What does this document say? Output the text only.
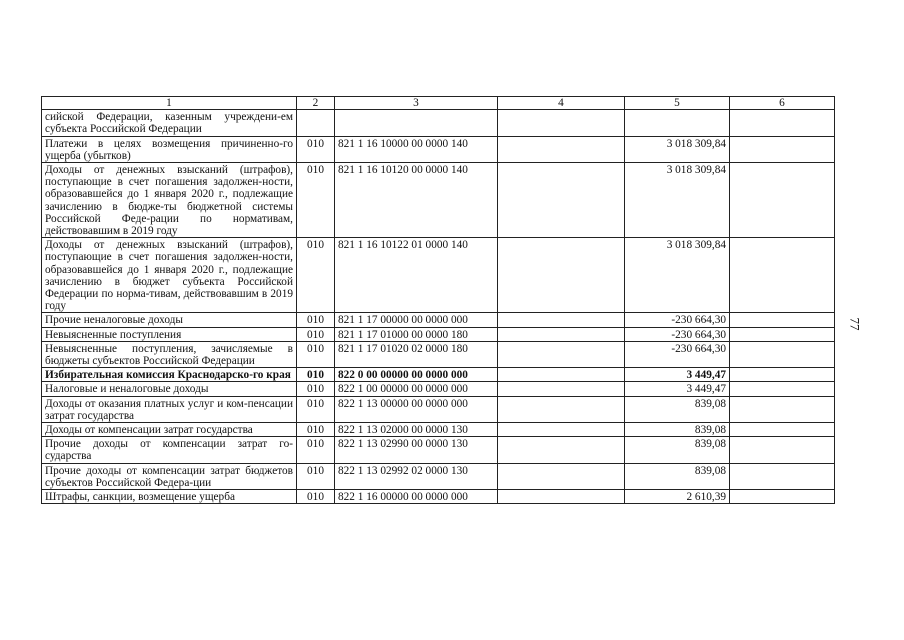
1	2	3	4	5	6
сийской Федерации, казенным учреждени-ем субъекта Российской Федерации					
Платежи в целях возмещения причиненно-го ущерба (убытков)	010	821 1 16 10000 00 0000 140		3 018 309,84	
Доходы от денежных взысканий (штрафов), поступающие в счет погашения задолжен-ности, образовавшейся до 1 января 2020 г., подлежащие зачислению в бюдже-ты бюджетной системы Российской Феде-рации по нормативам, действовавшим в 2019 году	010	821 1 16 10120 00 0000 140		3 018 309,84	
Доходы от денежных взысканий (штрафов), поступающие в счет погашения задолжен-ности, образовавшейся до 1 января 2020 г., подлежащие зачислению в бюджет субъекта Российской Федерации по норма-тивам, действовавшим в 2019 году	010	821 1 16 10122 01 0000 140		3 018 309,84	
Прочие неналоговые доходы	010	821 1 17 00000 00 0000 000		-230 664,30	
Невыясненные поступления	010	821 1 17 01000 00 0000 180		-230 664,30	
Невыясненные поступления, зачисляемые в бюджеты субъектов Российской Федерации	010	821 1 17 01020 02 0000 180		-230 664,30	
Избирательная комиссия Краснодарско-го края	010	822 0 00 00000 00 0000 000		3 449,47	
Налоговые и неналоговые доходы	010	822 1 00 00000 00 0000 000		3 449,47	
Доходы от оказания платных услуг и ком-пенсации затрат государства	010	822 1 13 00000 00 0000 000		839,08	
Доходы от компенсации затрат государства	010	822 1 13 02000 00 0000 130		839,08	
Прочие доходы от компенсации затрат го-сударства	010	822 1 13 02990 00 0000 130		839,08	
Прочие доходы от компенсации затрат бюджетов субъектов Российской Федера-ции	010	822 1 13 02992 02 0000 130		839,08	
Штрафы, санкции, возмещение ущерба	010	822 1 16 00000 00 0000 000		2 610,39	
77
